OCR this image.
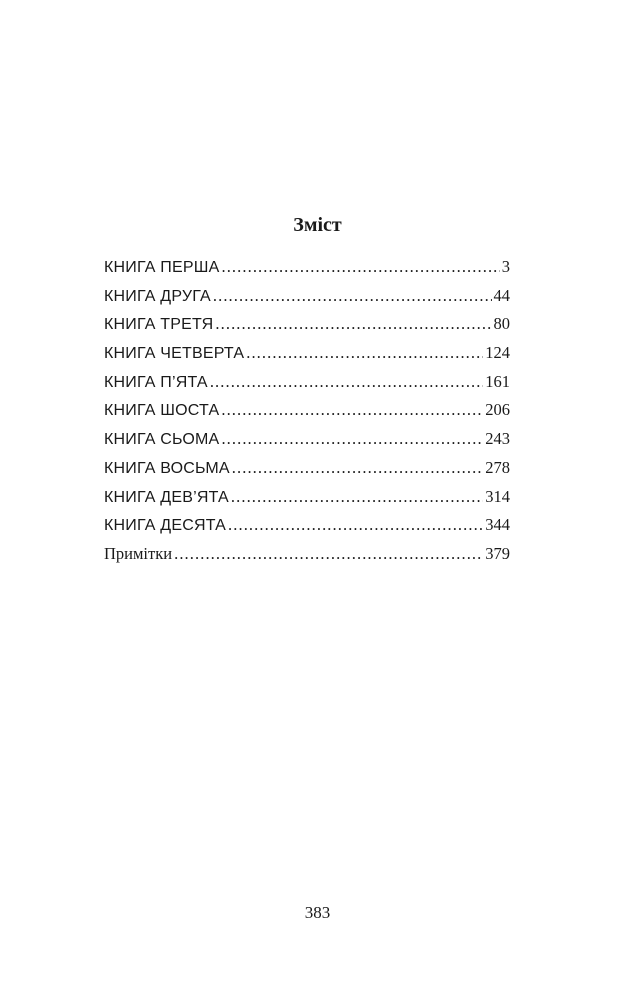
Зміст
КНИГА ПЕРША .....	3
КНИГА ДРУГА .....	44
КНИГА ТРЕТЯ .....	80
КНИГА ЧЕТВЕРТА .....	124
КНИГА П’ЯТА .....	161
КНИГА ШОСТА .....	206
КНИГА СЬОМА .....	243
КНИГА ВОСЬМА .....	278
КНИГА ДЕВ’ЯТА .....	314
КНИГА ДЕСЯТА .....	344
Примітки .....	379
383
